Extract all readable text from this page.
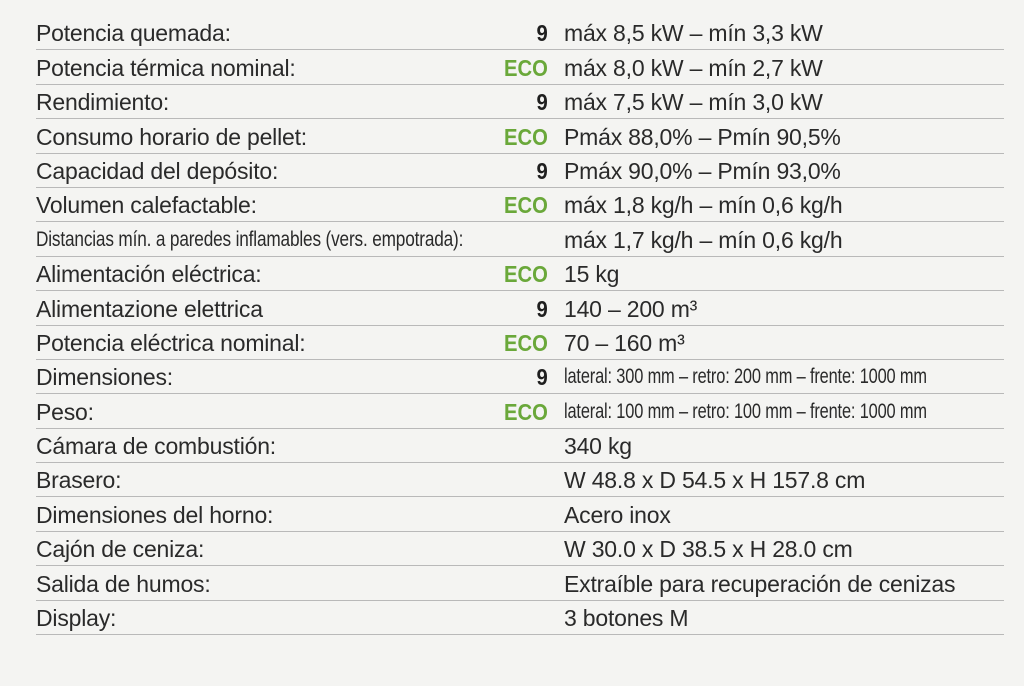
Potencia quemada:	9 máx 8,5 kW – mín 3,3 kW
Potencia térmica nominal:	ECO máx 8,0 kW – mín 2,7 kW
Rendimiento:	9 máx 7,5 kW – mín 3,0 kW
Consumo horario de pellet:	ECO Pmáx 88,0% – Pmín 90,5%
Capacidad del depósito:	9 Pmáx 90,0% – Pmín 93,0%
Volumen calefactable:	ECO máx 1,8 kg/h – mín 0,6 kg/h
Distancias mín. a paredes inflamables (vers. empotrada):	máx 1,7 kg/h – mín 0,6 kg/h
Alimentación eléctrica:	ECO 15 kg
Alimentazione elettrica	9 140 – 200 m³
Potencia eléctrica nominal:	ECO 70 – 160 m³
Dimensiones:	9 lateral: 300 mm – retro: 200 mm – frente: 1000 mm
Peso:	ECO lateral: 100 mm – retro: 100 mm – frente: 1000 mm
Cámara de combustión:	340 kg
Brasero:	W 48.8 x D 54.5 x H 157.8 cm
Dimensiones del horno:	Acero inox
Cajón de ceniza:	W 30.0 x D 38.5 x H 28.0 cm
Salida de humos:	Extraíble para recuperación de cenizas
Display:	3 botones M
